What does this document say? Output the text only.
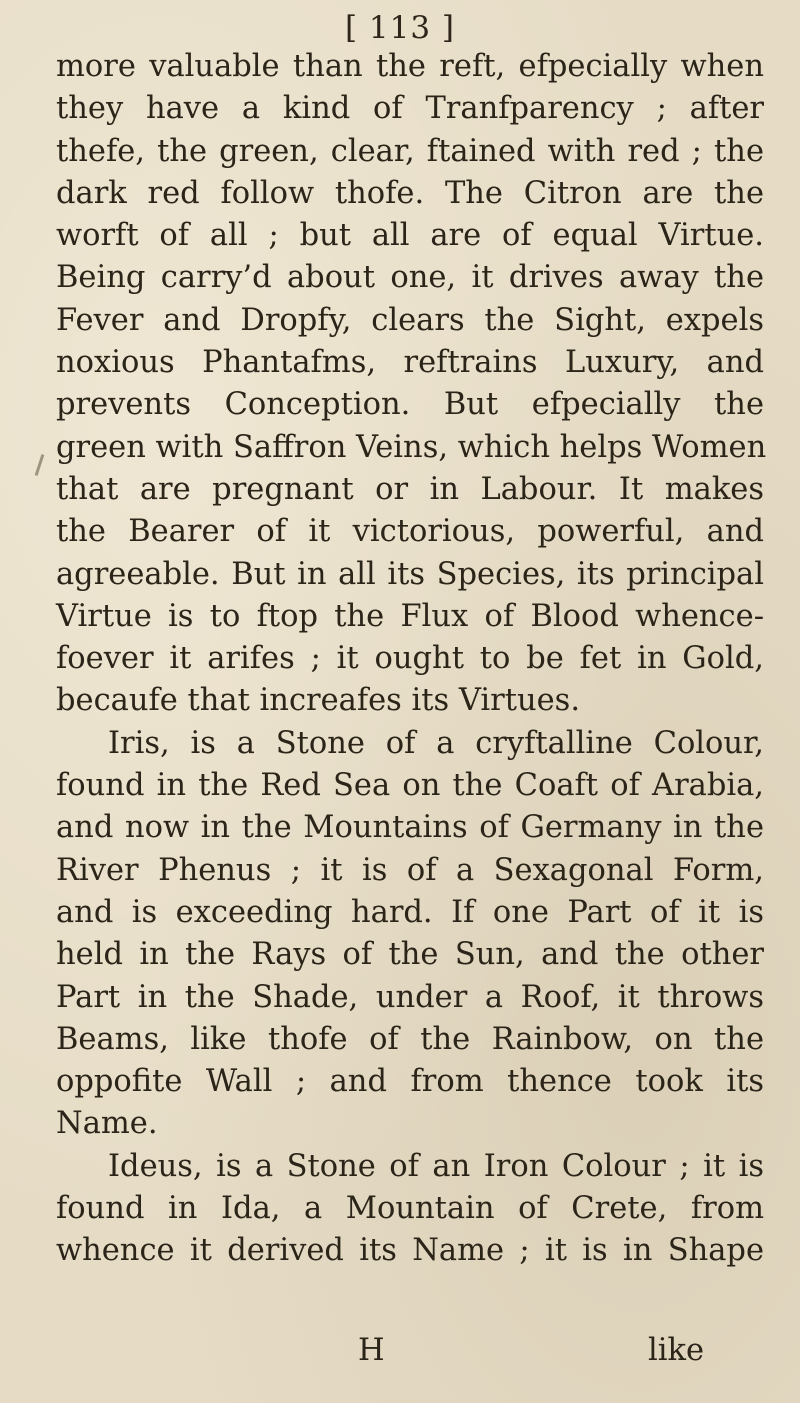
[ 113 ]
more valuable than the reft, efpecially when
they have a kind of Tranfparency ; after
thefe, the green, clear, ftained with red ; the
dark red follow thofe. The Citron are the
worft of all ; but all are of equal Virtue.
Being carry’d about one, it drives away the
Fever and Dropfy, clears the Sight, expels
noxious Phantafms, reftrains Luxury, and
prevents Conception. But efpecially the
green with Saffron Veins, which helps Women
that are pregnant or in Labour. It makes
the Bearer of it victorious, powerful, and
agreeable. But in all its Species, its principal
Virtue is to ftop the Flux of Blood whence-
foever it arifes ; it ought to be fet in Gold,
becaufe that increafes its Virtues.
Iris, is a Stone of a cryftalline Colour,
found in the Red Sea on the Coaft of Arabia,
and now in the Mountains of Germany in the
River Phenus ; it is of a Sexagonal Form,
and is exceeding hard. If one Part of it is
held in the Rays of the Sun, and the other
Part in the Shade, under a Roof, it throws
Beams, like thofe of the Rainbow, on the
oppofite Wall ; and from thence took its
Name.
Ideus, is a Stone of an Iron Colour ; it is
found in Ida, a Mountain of Crete, from
whence it derived its Name ; it is in Shape
H	like
